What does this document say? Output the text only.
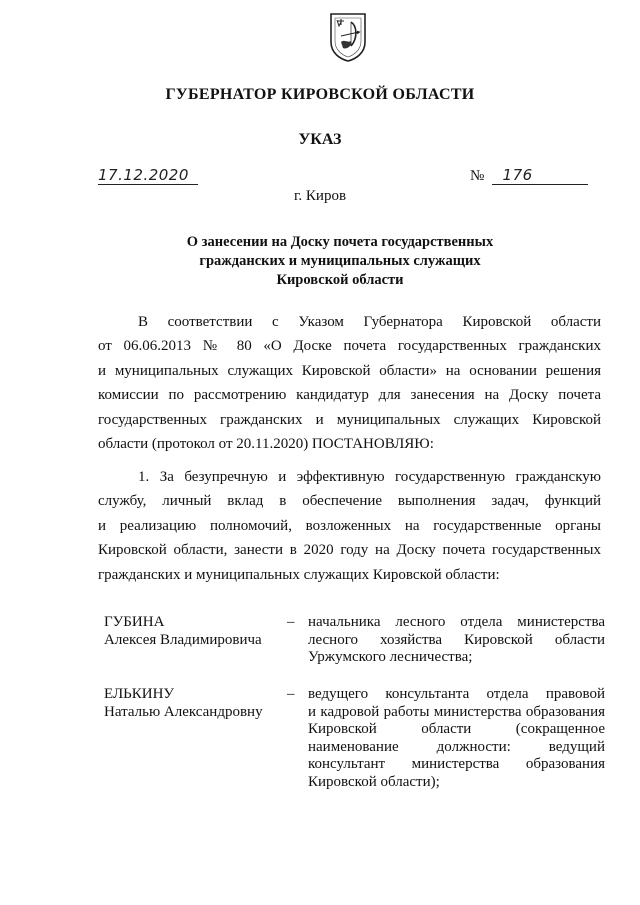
ГУБЕРНАТОР КИРОВСКОЙ ОБЛАСТИ
УКАЗ
17.12.2020	№	176
г. Киров
О занесении на Доску почета государственных
гражданских и муниципальных служащих
Кировской области
В соответствии с Указом Губернатора Кировской области
от 06.06.2013 № 80 «О Доске почета государственных гражданских
и муниципальных служащих Кировской области» на основании решения
комиссии по рассмотрению кандидатур для занесения на Доску почета
государственных гражданских и муниципальных служащих Кировской
области (протокол от 20.11.2020) ПОСТАНОВЛЯЮ:
1. За безупречную и эффективную государственную гражданскую
службу, личный вклад в обеспечение выполнения задач, функций
и реализацию полномочий, возложенных на государственные органы
Кировской области, занести в 2020 году на Доску почета государственных
гражданских и муниципальных служащих Кировской области:
ГУБИНА
Алексея Владимировича
– начальника лесного отдела министерства
лесного хозяйства Кировской области
Уржумского лесничества;
ЕЛЬКИНУ
Наталью Александровну
– ведущего консультанта отдела правовой
и кадровой работы министерства образования
Кировской области (сокращенное
наименование должности: ведущий
консультант министерства образования
Кировской области);
